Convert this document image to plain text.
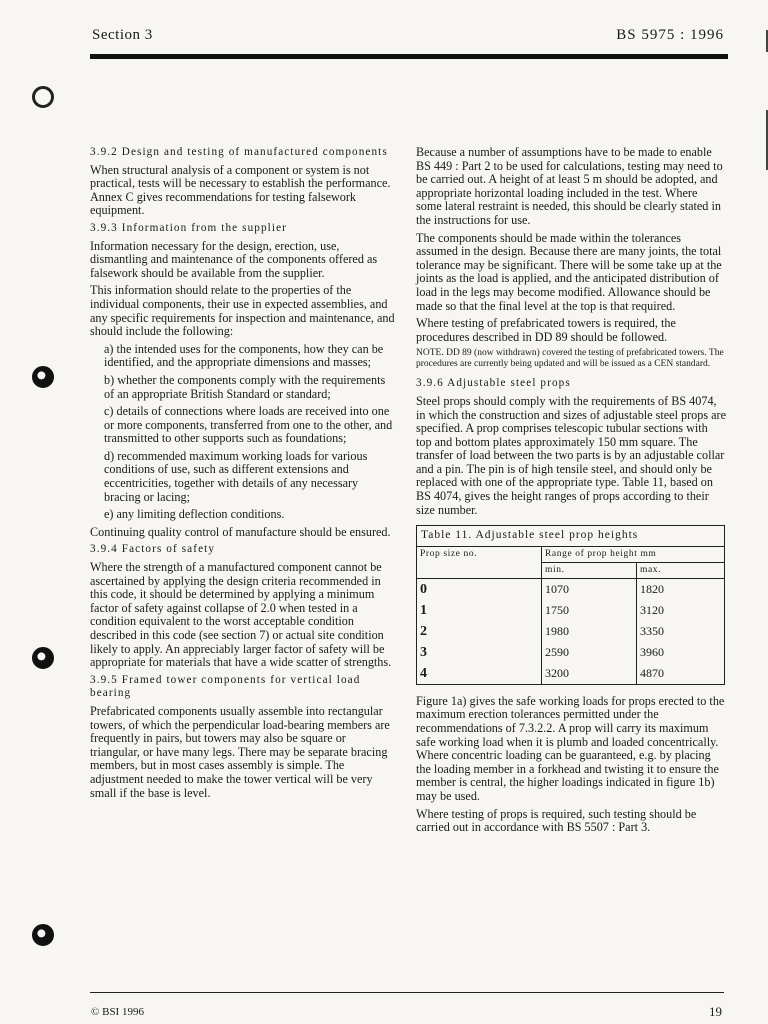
Section 3	BS 5975 : 1996
3.9.2 Design and testing of manufactured components

When structural analysis of a component or system is not practical, tests will be necessary to establish the performance. Annex C gives recommendations for testing falsework equipment.

3.9.3 Information from the supplier

Information necessary for the design, erection, use, dismantling and maintenance of the components offered as falsework should be available from the supplier.

This information should relate to the properties of the individual components, their use in expected assemblies, and any specific requirements for inspection and maintenance, and should include the following:

a) the intended uses for the components, how they can be identified, and the appropriate dimensions and masses;

b) whether the components comply with the requirements of an appropriate British Standard or standard;

c) details of connections where loads are received into one or more components, transferred from one to the other, and transmitted to other supports such as foundations;

d) recommended maximum working loads for various conditions of use, such as different extensions and eccentricities, together with details of any necessary bracing or lacing;

e) any limiting deflection conditions.

Continuing quality control of manufacture should be ensured.

3.9.4 Factors of safety

Where the strength of a manufactured component cannot be ascertained by applying the design criteria recommended in this code, it should be determined by applying a minimum factor of safety against collapse of 2.0 when tested in a condition equivalent to the worst acceptable condition described in this code (see section 7) or actual site condition likely to apply. An appreciably larger factor of safety will be appropriate for materials that have a wide scatter of strengths.

3.9.5 Framed tower components for vertical load bearing

Prefabricated components usually assemble into rectangular towers, of which the perpendicular load-bearing members are frequently in pairs, but towers may also be square or triangular, or have many legs. There may be separate bracing members, but in most cases assembly is simple. The adjustment needed to make the tower vertical will be very small if the base is level.

Because a number of assumptions have to be made to enable BS 449 : Part 2 to be used for calculations, testing may need to be carried out. A height of at least 5 m should be adopted, and appropriate horizontal loading included in the test. Where some lateral restraint is needed, this should be clearly stated in the instructions for use.

The components should be made within the tolerances assumed in the design. Because there are many joints, the total tolerance may be significant. There will be some take up at the joints as the load is applied, and the anticipated distribution of load in the legs may become modified. Allowance should be made so that the final level at the top is that required.

Where testing of prefabricated towers is required, the procedures described in DD 89 should be followed.

NOTE. DD 89 (now withdrawn) covered the testing of prefabricated towers. The procedures are currently being updated and will be issued as a CEN standard.
3.9.6 Adjustable steel props

Steel props should comply with the requirements of BS 4074, in which the construction and sizes of adjustable steel props are specified. A prop comprises telescopic tubular sections with top and bottom plates approximately 150 mm square. The transfer of load between the two parts is by an adjustable collar and a pin. The pin is of high tensile steel, and should only be replaced with one of the appropriate type. Table 11, based on BS 4074, gives the height ranges of props according to their size number.

Table 11. Adjustable steel prop heights		
Prop size no.	Range of prop height mm	
	min.	max.
0	1070	1820
1	1750	3120
2	1980	3350
3	2590	3960
4	3200	4870

Figure 1a) gives the safe working loads for props erected to the maximum erection tolerances permitted under the recommendations of 7.3.2.2. A prop will carry its maximum safe working load when it is plumb and loaded concentrically. Where concentric loading can be guaranteed, e.g. by placing the loading member in a forkhead and twisting it to ensure the member is central, the higher loadings indicated in figure 1b) may be used.

Where testing of props is required, such testing should be carried out in accordance with BS 5507 : Part 3.

© BSI 1996	19
